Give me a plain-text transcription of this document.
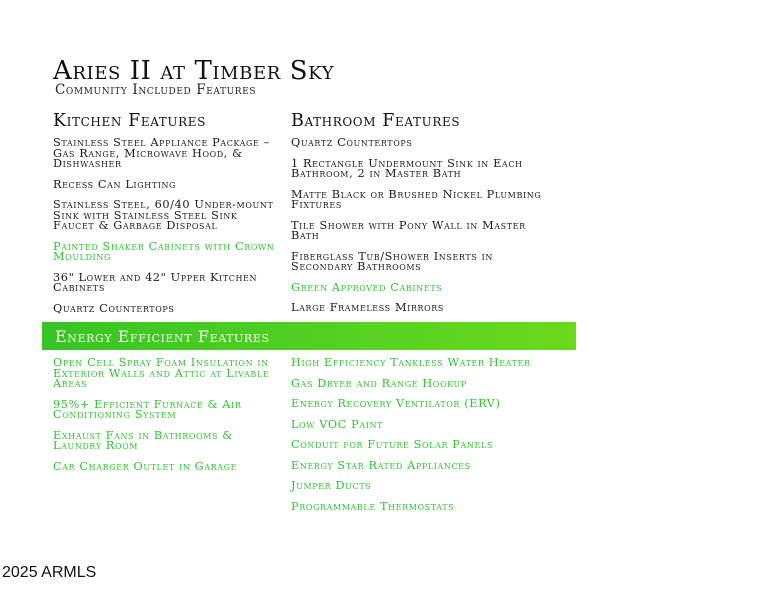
Aries II at Timber Sky
Community Included Features
Kitchen Features
Stainless Steel Appliance Package – Gas Range, Microwave Hood, & Dishwasher
Recess Can Lighting
Stainless Steel, 60/40 Under-mount Sink with Stainless Steel Sink Faucet & Garbage Disposal
Painted Shaker Cabinets with Crown Moulding
36" Lower and 42" Upper Kitchen Cabinets
Quartz Countertops
Bathroom Features
Quartz Countertops
1 Rectangle Undermount Sink in Each Bathroom, 2 in Master Bath
Matte Black or Brushed Nickel Plumbing Fixtures
Tile Shower with Pony Wall in Master Bath
Fiberglass Tub/Shower Inserts in Secondary Bathrooms
Green Approved Cabinets
Large Frameless Mirrors
Energy Efficient Features
Open Cell Spray Foam Insulation in Exterior Walls and Attic at Livable Areas
95%+ Efficient Furnace & Air Conditioning System
Exhaust Fans in Bathrooms & Laundry Room
Car Charger Outlet in Garage
High Efficiency Tankless Water Heater
Gas Dryer and Range Hookup
Energy Recovery Ventilator (ERV)
Low VOC Paint
Conduit for Future Solar Panels
Energy Star Rated Appliances
Jumper Ducts
Programmable Thermostats
2025 ARMLS
